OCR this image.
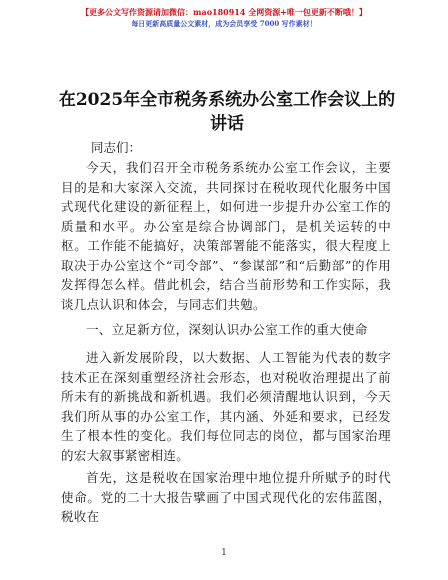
【更多公文写作资源请加微信：mao180914 全网资源+唯一包更新不断哦！】
每日更新高质量公文素材，成为会员享受 7000 写作素材！
在2025年全市税务系统办公室工作会议上的讲话
同志们：

今天，我们召开全市税务系统办公室工作会议，主要目的是和大家深入交流，共同探讨在税收现代化服务中国式现代化建设的新征程上，如何进一步提升办公室工作的质量和水平。办公室是综合协调部门，是机关运转的中枢。工作能不能搞好，决策部署能不能落实，很大程度上取决于办公室这个“司令部”、“参谋部”和“后勤部”的作用发挥得怎么样。借此机会，结合当前形势和工作实际，我谈几点认识和体会，与同志们共勉。

一、立足新方位，深刻认识办公室工作的重大使命

进入新发展阶段，以大数据、人工智能为代表的数字技术正在深刻重塑经济社会形态，也对税收治理提出了前所未有的新挑战和新机遇。我们必须清醒地认识到，今天我们所从事的办公室工作，其内涵、外延和要求，已经发生了根本性的变化。我们每位同志的岗位，都与国家治理的宏大叙事紧密相连。

首先，这是税收在国家治理中地位提升所赋予的时代使命。党的二十大报告擘画了中国式现代化的宏伟蓝图，税收在

1
